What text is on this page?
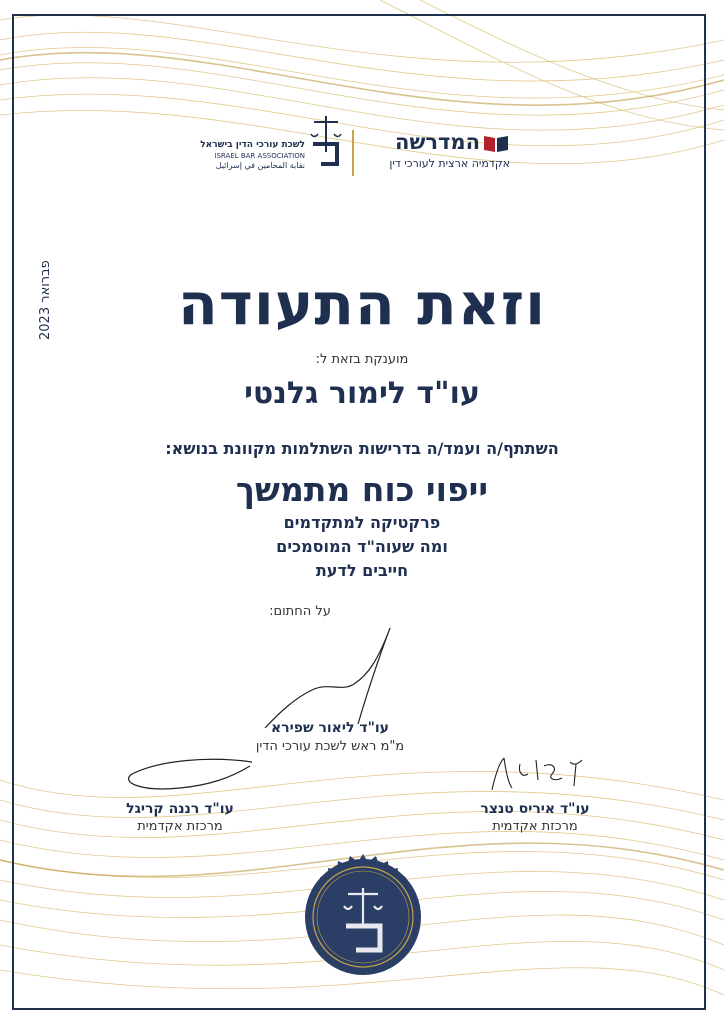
המדרשה
אקדמיה ארצית לעורכי דין
לשכת עורכי הדין בישראל
ISRAEL BAR ASSOCIATION
نقابة المحامين في إسرائيل
וזאת התעודה
מוענקת בזאת ל:
עו"ד לימור גלנטי
השתתף/ה ועמד/ה בדרישות השתלמות מקוונת בנושא:
ייפוי כוח מתמשך
פרקטיקה למתקדמים
ומה שעוה"ד המוסמכים
חייבים לדעת
פברואר 2023
על החתום:
עו"ד ליאור שפירא
מ"מ ראש לשכת עורכי הדין
עו"ד רננה קריגל
מרכזת אקדמית
עו"ד איריס טנצר
מרכזת אקדמית
